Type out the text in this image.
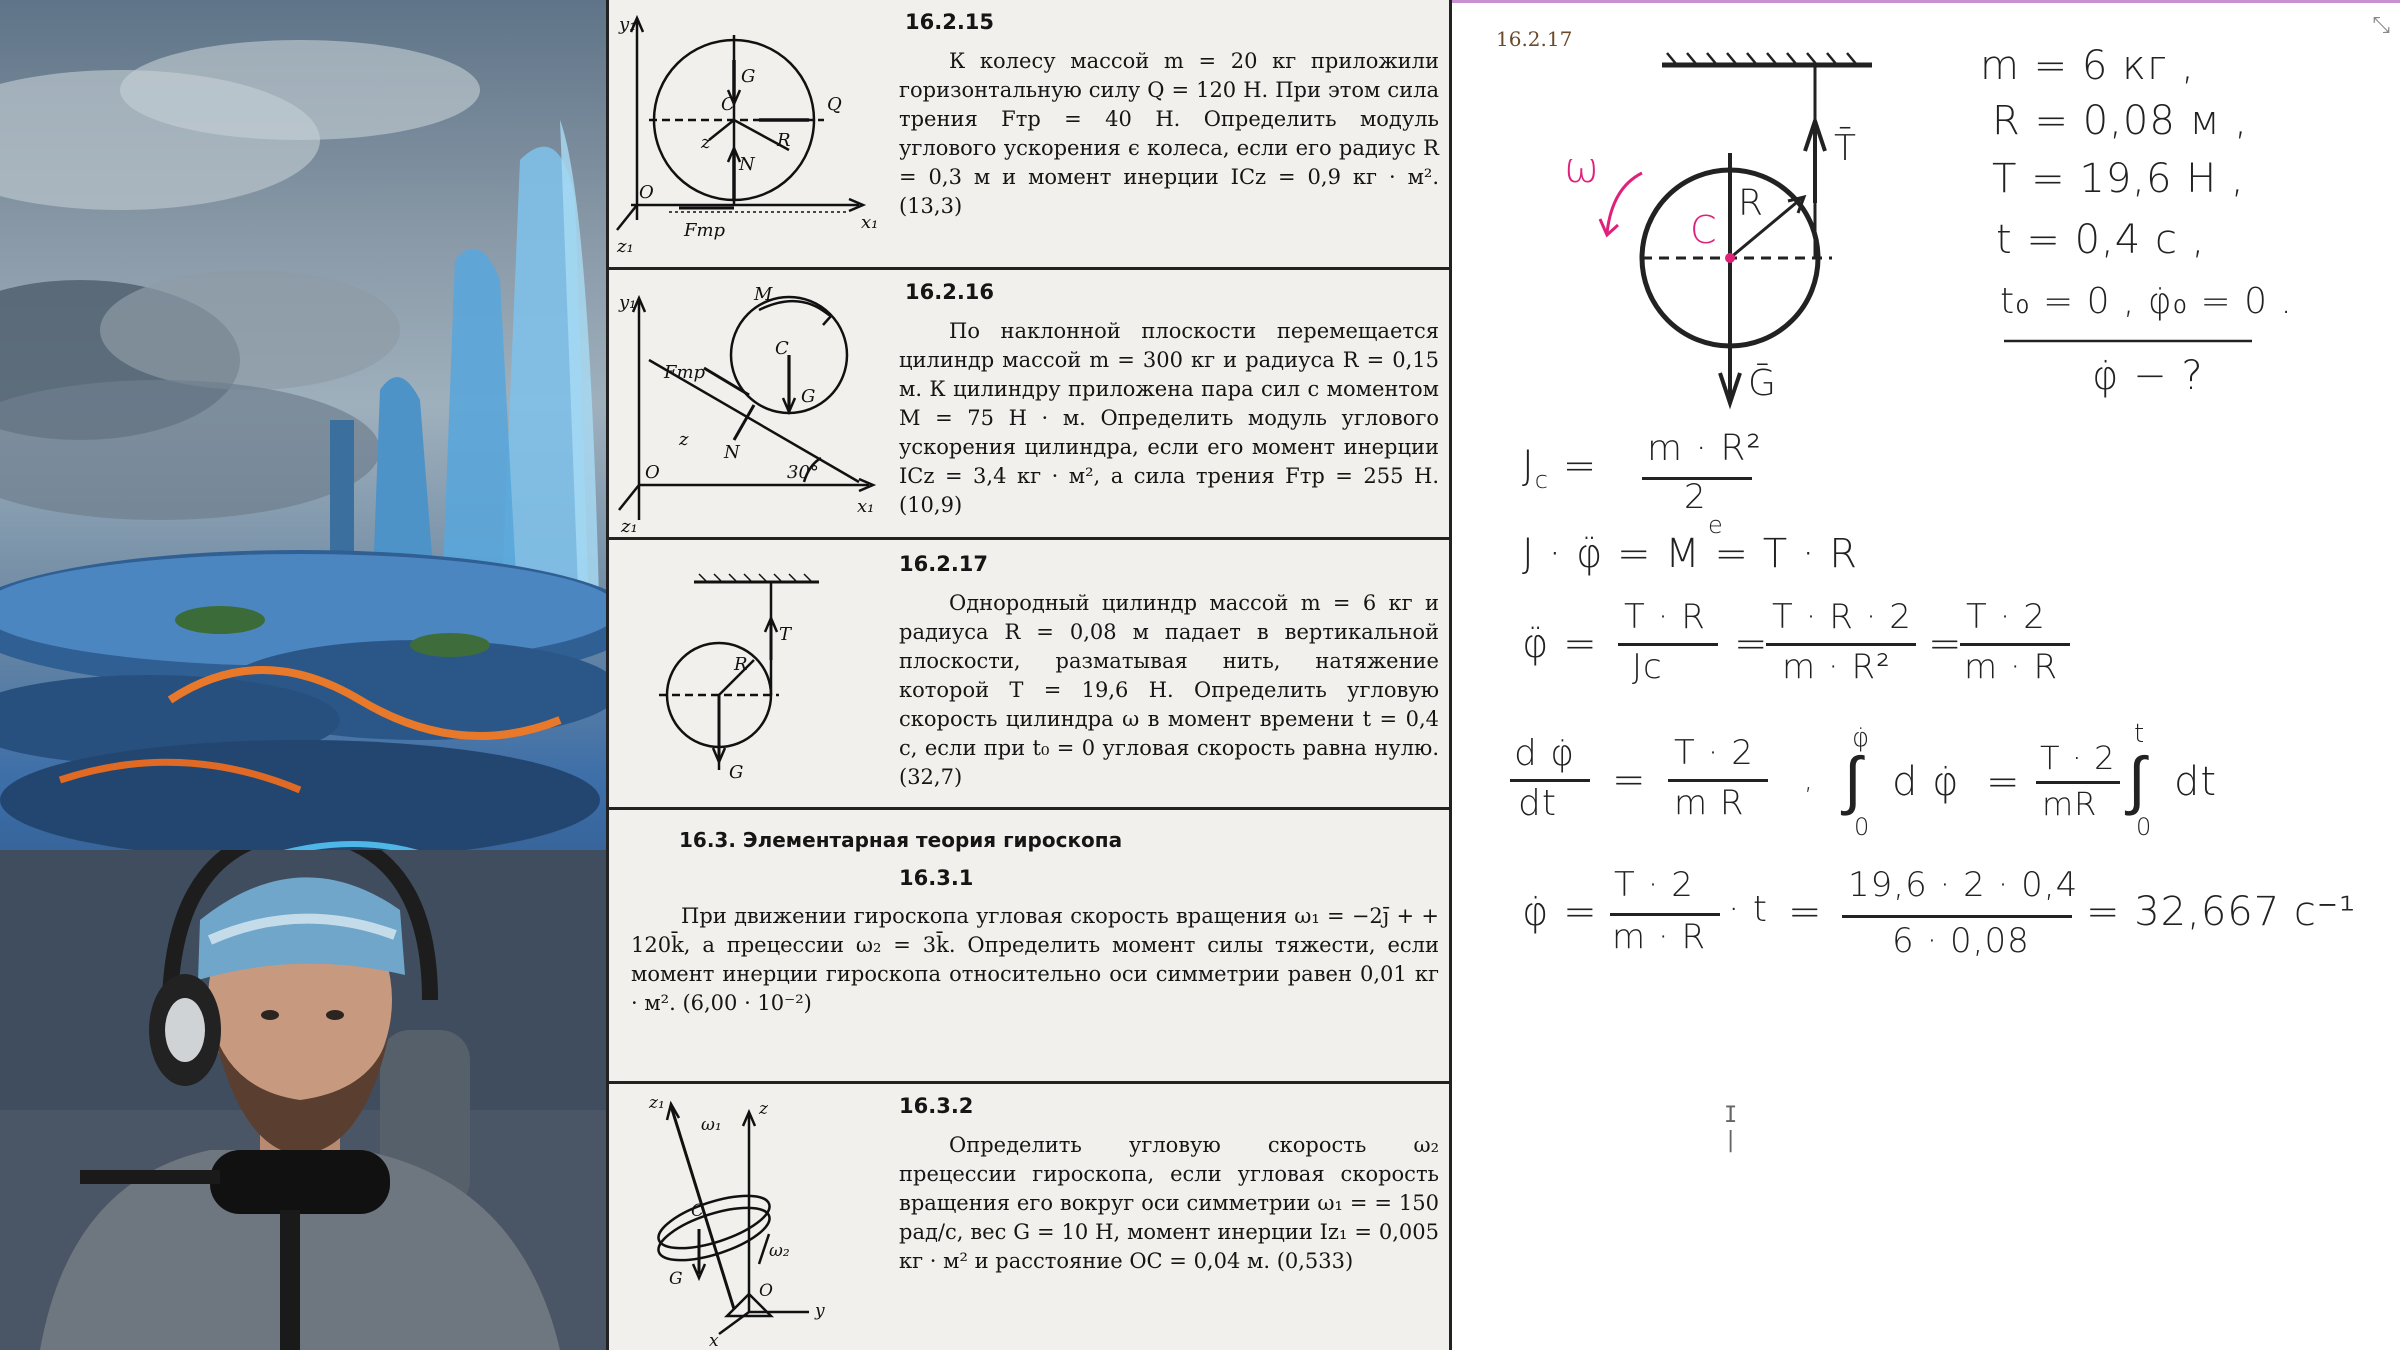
y₁
G
C	Q
z	R
N
O
z₁
Fтр	x₁
16.2.15
К колесу массой m = 20 кг приложили горизонтальную силу Q = 120 Н. При этом сила трения Fтр = 40 Н. Определить модуль углового ускорения ϵ колеса, если его радиус R = 0,3 м и момент инерции ICz = 0,9 кг · м². (13,3)
y₁	M
Fтр
C
G
z
N
O	30°
x₁
z₁
16.2.16
По наклонной плоскости перемещается цилиндр массой m = 300 кг и радиуса R = 0,15 м. К цилиндру приложена пара сил с моментом M = 75 Н · м. Определить модуль углового ускорения цилиндра, если его момент инерции ICz = 3,4 кг · м², а сила трения Fтр = 255 Н. (10,9)
T
R
G
16.2.17
Однородный цилиндр массой m = 6 кг и радиуса R = 0,08 м падает в вертикальной плоскости, разматывая нить, натяжение которой T = 19,6 Н. Определить угловую скорость цилиндра ω в момент времени t = 0,4 с, если при t₀ = 0 угловая скорость равна нулю. (32,7)
16.3. Элементарная теория гироскопа
16.3.1
При движении гироскопа угловая скорость вращения ω₁ = −2j̄ + + 120k̄, а прецессии ω₂ = 3k̄. Определить момент силы тяжести, если момент инерции гироскопа относительно оси симметрии равен 0,01 кг · м². (6,00 · 10⁻²)
z₁
ω₁
z
C
G
O
ω₂
y
x
16.3.2
Определить угловую скорость ω₂ прецессии гироскопа, если угловая скорость вращения его вокруг оси симметрии ω₁ = = 150 рад/с, вес G = 10 Н, момент инерции Iz₁ = 0,005 кг · м² и расстояние OC = 0,04 м. (0,533)
16.2.17
⤡
ω
C
R
T̄
Ḡ
m = 6 кг ,
R = 0,08 м ,
T = 19,6 Н ,
t = 0,4 с ,
t₀ = 0 , φ̇₀ = 0 .
φ̇ − ?
$J_c = m \cdot R^2$
2
J · φ̈ = M = T · R
e
φ̈ =
T · R
Jc =
T · R · 2
m · R² =
T · 2
m · R
d φ̇
dt
=
T · 2
m R
,
φ̇
∫
0
d φ̇ =
T · 2
mR
t
∫
0
dt
φ̇ =
T · 2
m · R
· t =
19,6 · 2 · 0,4
6 · 0,08
= 32,667 с⁻¹
I
|
